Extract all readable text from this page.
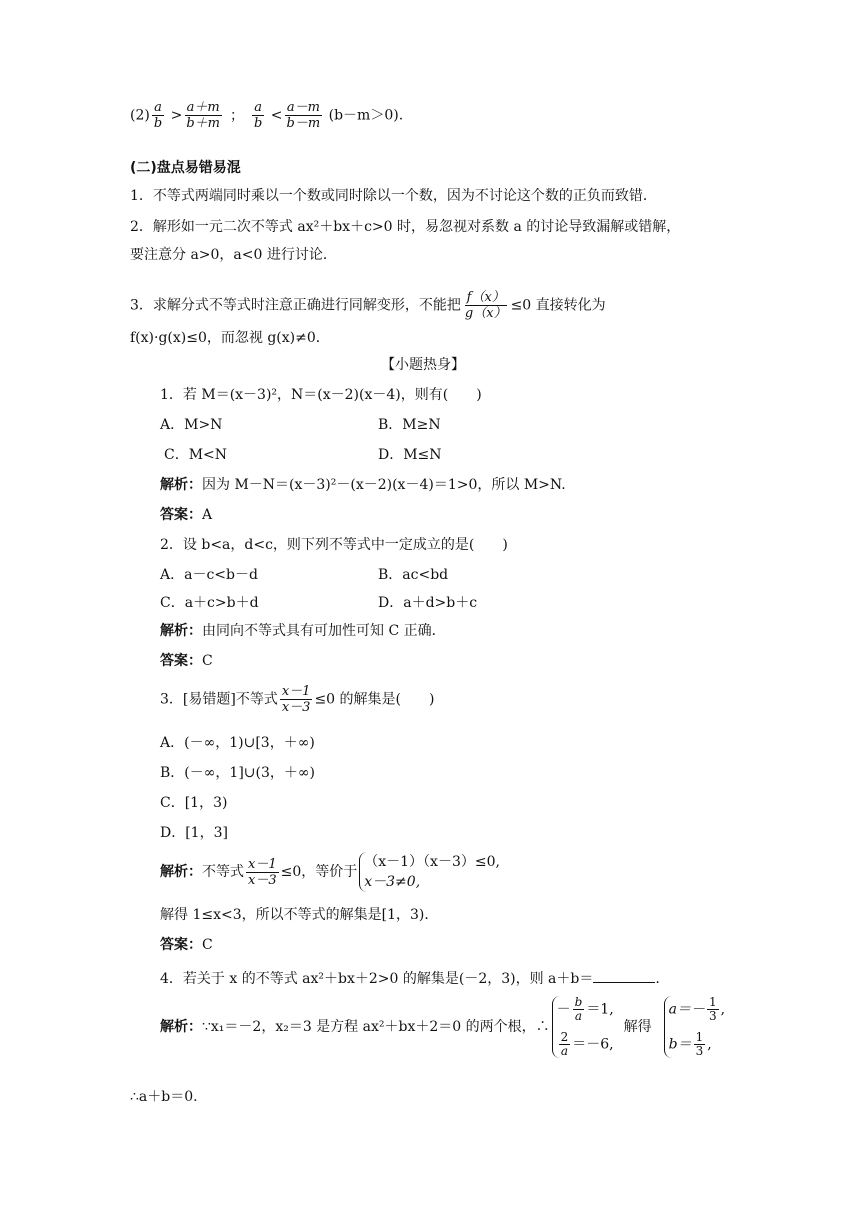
$(2) \frac{a}{b} > \frac{a+m}{b+m}$ ； $\frac{a}{b} < \frac{a-m}{b-m} (b-m>0)$.
(二)盘点易错易混
1．不等式两端同时乘以一个数或同时除以一个数，因为不讨论这个数的正负而致错．
2．解形如一元二次不等式 ax²＋bx＋c>0 时，易忽视对系数 a 的讨论导致漏解或错解，
要注意分 a>0，a<0 进行讨论．
3．求解分式不等式时注意正确进行同解变形，不能把 $\frac{f(x)}{g(x)} \le 0$ 直接转化为
f(x)·g(x)≤0，而忽视 g(x)≠0．
【小题热身】
1．若 M＝(x－3)²，N＝(x－2)(x－4)，则有(　　)
A．M>N	B．M≥N
C．M<N	D．M≤N
解析：因为 M－N＝(x－3)²－(x－2)(x－4)＝1>0，所以 M>N.
答案：A
2．设 b<a，d<c，则下列不等式中一定成立的是(　　)
A．a－c<b－d	B．ac<bd
C．a＋c>b＋d	D．a＋d>b＋c
解析：由同向不等式具有可加性可知 C 正确．
答案：C
3．[易错题]不等式 $\frac{x-1}{x-3} \le 0$ 的解集是(　　)
A．(－∞，1)∪[3，＋∞)
B．(－∞，1]∪(3，＋∞)
C．[1，3)
D．[1，3]
解析：不等式 $\frac{x-1}{x-3} \le 0$，等价于
（x－1）（x－3）≤0,
x－3≠0,
解得 1≤x<3，所以不等式的解集是[1，3)．
答案：C
4．若关于 x 的不等式 ax²＋bx＋2>0 的解集是(－2，3)，则 a＋b＝	.
解析：∵x₁＝－2，x₂＝3 是方程 ax²＋bx＋2＝0 的两个根，∴
－ $\frac{b}{a} =1$,
$\frac{2}{a} =-6$,
解得
$a=- \frac{1}{3}$ ,
$b= \frac{1}{3}$ ,
∴a＋b＝0.
